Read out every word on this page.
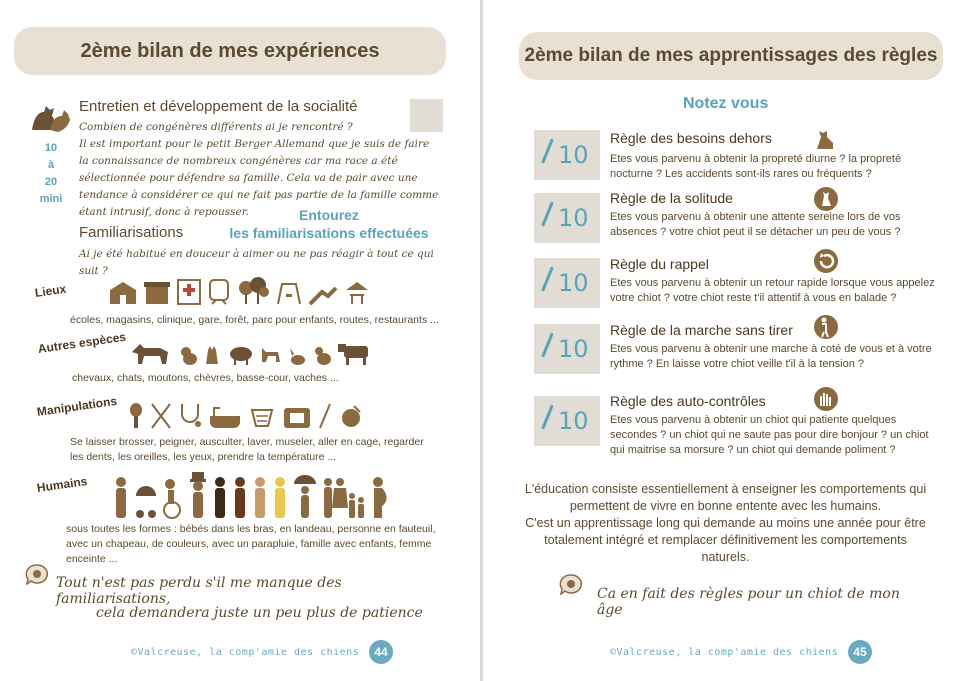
2ème bilan de mes expériences
10
à
20
mini
Entretien et développement de la socialité
Combien de congénères différents ai je rencontré ?
Il est important pour le petit Berger Allemand que je suis de faire la connaissance de nombreux congénères car ma race a été sélectionnée pour défendre sa famille. Cela va de pair avec une tendance à considérer ce qui ne fait pas partie de la famille comme étant intrusif, donc à repousser.
Familiarisations
Entourez
les familiarisations effectuées
Ai je été habitué en douceur à aimer ou ne pas réagir à tout ce qui suit ?
Lieux
écoles, magasins, clinique, gare, forêt, parc pour enfants, routes, restaurants ...
Autres espèces
chevaux, chats, moutons, chèvres, basse-cour, vaches ...
Manipulations
Se laisser brosser, peigner, ausculter, laver, museler, aller en cage, regarder les dents, les oreilles, les yeux, prendre la température ...
Humains
sous toutes les formes : bébés dans les bras, en landeau, personne en fauteuil, avec un chapeau, de couleurs, avec un parapluie, famille avec enfants, femme enceinte ...
Tout n'est pas perdu s'il me manque des familiarisations,
cela demandera juste un peu plus de patience
©Valcreuse, la comp'amie des chiens	44
2ème bilan de mes apprentissages des règles
Notez vous
10
Règle des besoins dehors
Etes vous parvenu à obtenir la propreté diurne ? la propreté nocturne ? Les accidents sont-ils rares ou fréquents ?
10
Règle de la solitude
Etes vous parvenu à obtenir une attente sereine lors de vos absences ? votre chiot peut il se détacher un peu de vous ?
10
Règle du rappel
Etes vous parvenu à obtenir un retour rapide lorsque vous appelez votre chiot ? votre chiot reste t'il attentif à vous en balade ?
10
Règle de la marche sans tirer
Etes vous parvenu à obtenir une marche à coté de vous et à votre rythme ? En laisse votre chiot veille t'il à la tension ?
10
Règle des auto-contrôles
Etes vous parvenu à obtenir un chiot qui patiente quelques secondes ? un chiot qui ne saute pas pour dire bonjour ? un chiot qui maitrise sa morsure ? un chiot qui demande poliment ?
L'éducation consiste essentiellement à enseigner les comportements qui permettent de vivre en bonne entente avec les humains.
C'est un apprentissage long qui demande au moins une année pour être totalement intégré et remplacer définitivement les comportements naturels.
Ca en fait des règles pour un chiot de mon âge
©Valcreuse, la comp'amie des chiens	45
